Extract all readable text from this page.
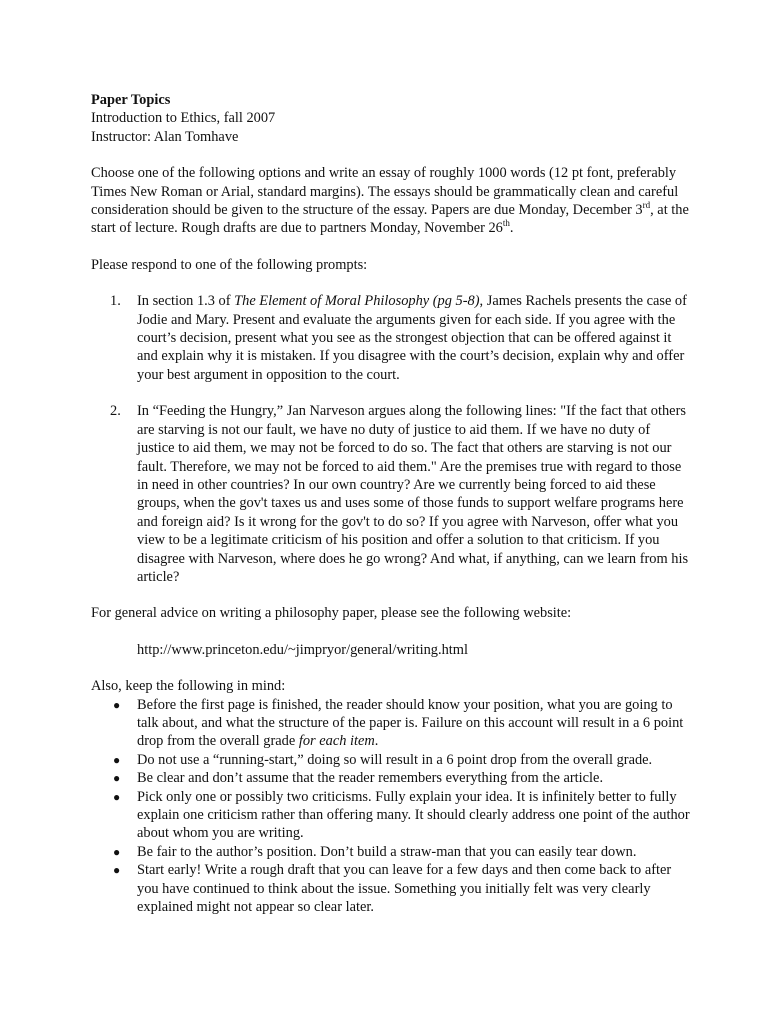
Paper Topics

Introduction to Ethics, fall 2007

Instructor: Alan Tomhave

Choose one of the following options and write an essay of roughly 1000 words (12 pt font, preferably Times New Roman or Arial, standard margins). The essays should be grammatically clean and careful consideration should be given to the structure of the essay. Papers are due Monday, December 3rd, at the start of lecture. Rough drafts are due to partners Monday, November 26th.

Please respond to one of the following prompts:

1. In section 1.3 of The Element of Moral Philosophy (pg 5-8), James Rachels presents the case of Jodie and Mary. Present and evaluate the arguments given for each side. If you agree with the court’s decision, present what you see as the strongest objection that can be offered against it and explain why it is mistaken. If you disagree with the court’s decision, explain why and offer your best argument in opposition to the court.
2. In “Feeding the Hungry,” Jan Narveson argues along the following lines: "If the fact that others are starving is not our fault, we have no duty of justice to aid them. If we have no duty of justice to aid them, we may not be forced to do so. The fact that others are starving is not our fault. Therefore, we may not be forced to aid them." Are the premises true with regard to those in need in other countries? In our own country? Are we currently being forced to aid these groups, when the gov't taxes us and uses some of those funds to support welfare programs here and foreign aid? Is it wrong for the gov't to do so? If you agree with Narveson, offer what you view to be a legitimate criticism of his position and offer a solution to that criticism. If you disagree with Narveson, where does he go wrong? And what, if anything, can we learn from his article?

For general advice on writing a philosophy paper, please see the following website:

http://www.princeton.edu/~jimpryor/general/writing.html

Also, keep the following in mind:

● Before the first page is finished, the reader should know your position, what you are going to talk about, and what the structure of the paper is. Failure on this account will result in a 6 point drop from the overall grade for each item.
● Do not use a “running-start,” doing so will result in a 6 point drop from the overall grade.
● Be clear and don’t assume that the reader remembers everything from the article.
● Pick only one or possibly two criticisms. Fully explain your idea. It is infinitely better to fully explain one criticism rather than offering many. It should clearly address one point of the author about whom you are writing.
● Be fair to the author’s position. Don’t build a straw-man that you can easily tear down.
● Start early! Write a rough draft that you can leave for a few days and then come back to after you have continued to think about the issue. Something you initially felt was very clearly explained might not appear so clear later.
